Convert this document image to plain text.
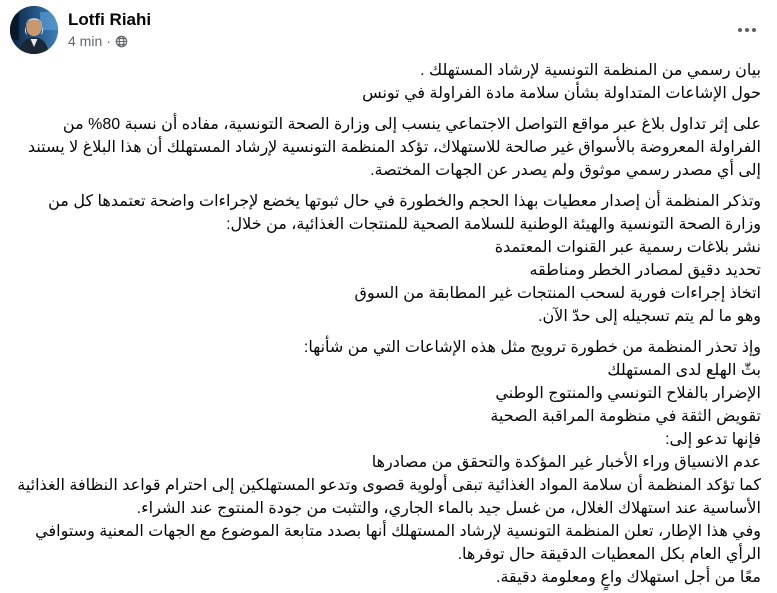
Lotfi Riahi
4 min ·
بيان رسمي من المنظمة التونسية لإرشاد المستهلك .
حول الإشاعات المتداولة بشأن سلامة مادة الفراولة في تونس
على إثر تداول بلاغ عبر مواقع التواصل الاجتماعي ينسب إلى وزارة الصحة التونسية، مفاده أن نسبة 80% من الفراولة المعروضة بالأسواق غير صالحة للاستهلاك، تؤكد المنظمة التونسية لإرشاد المستهلك أن هذا البلاغ لا يستند إلى أي مصدر رسمي موثوق ولم يصدر عن الجهات المختصة.
وتذكر المنظمة أن إصدار معطيات بهذا الحجم والخطورة في حال ثبوتها يخضع لإجراءات واضحة تعتمدها كل من وزارة الصحة التونسية والهيئة الوطنية للسلامة الصحية للمنتجات الغذائية، من خلال:
نشر بلاغات رسمية عبر القنوات المعتمدة
تحديد دقيق لمصادر الخطر ومناطقه
اتخاذ إجراءات فورية لسحب المنتجات غير المطابقة من السوق
وهو ما لم يتم تسجيله إلى حدّ الآن.
وإذ تحذر المنظمة من خطورة ترويج مثل هذه الإشاعات التي من شأنها:
بثّ الهلع لدى المستهلك
الإضرار بالفلاح التونسي والمنتوج الوطني
تقويض الثقة في منظومة المراقبة الصحية
فإنها تدعو إلى:
عدم الانسياق وراء الأخبار غير المؤكدة والتحقق من مصادرها
كما تؤكد المنظمة أن سلامة المواد الغذائية تبقى أولوية قصوى وتدعو المستهلكين إلى احترام قواعد النظافة الغذائية الأساسية عند استهلاك الغلال، من غسل جيد بالماء الجاري، والتثبت من جودة المنتوج عند الشراء.
وفي هذا الإطار، تعلن المنظمة التونسية لإرشاد المستهلك أنها بصدد متابعة الموضوع مع الجهات المعنية وستوافي الرأي العام بكل المعطيات الدقيقة حال توفرها.
معًا من أجل استهلاك واعٍ ومعلومة دقيقة.
